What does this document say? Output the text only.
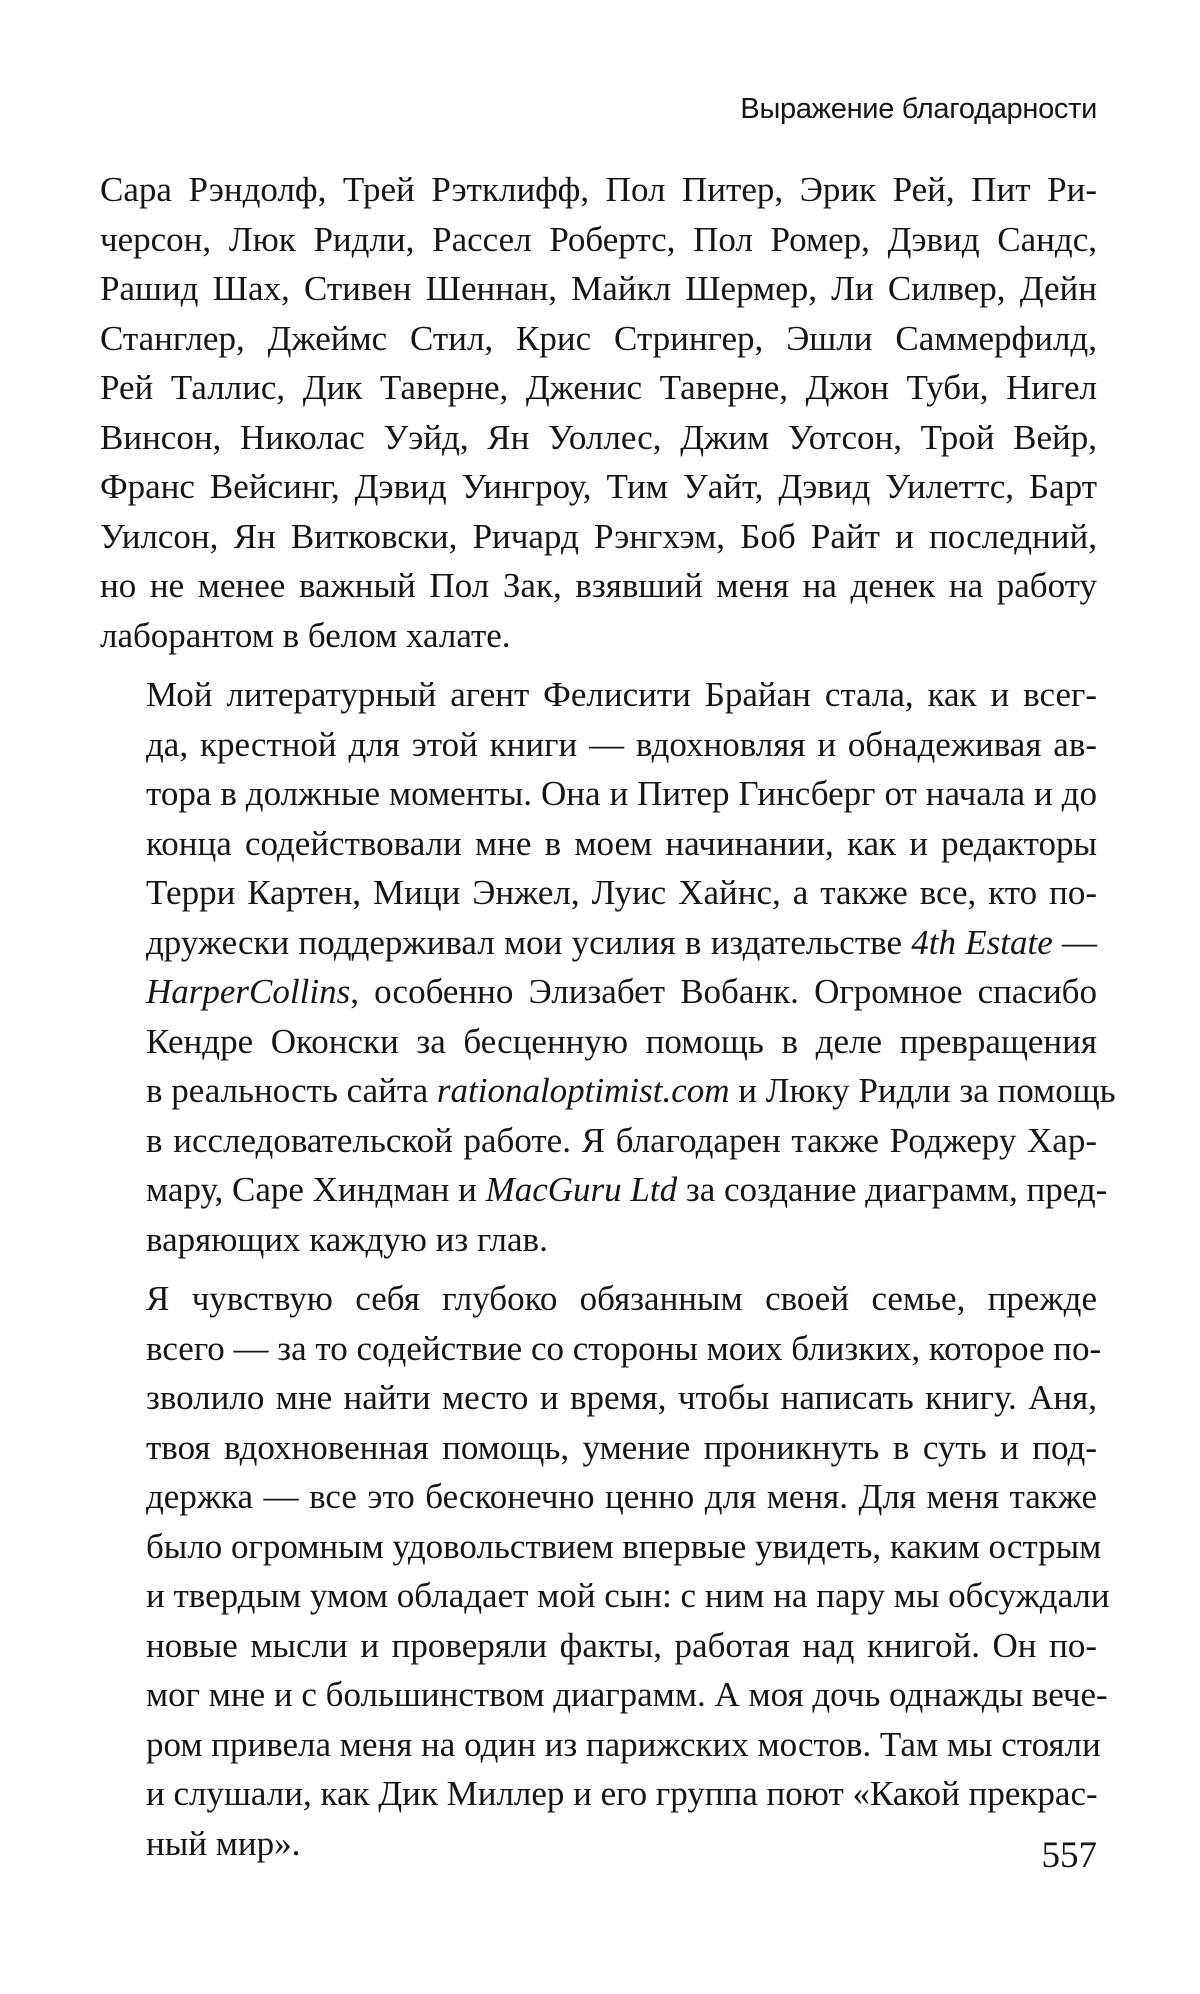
Выражение благодарности
Сара Рэндолф, Трей Рэтклифф, Пол Питер, Эрик Рей, Пит Ри-
черсон, Люк Ридли, Рассел Робертс, Пол Ромер, Дэвид Сандс,
Рашид Шах, Стивен Шеннан, Майкл Шермер, Ли Силвер, Дейн
Станглер, Джеймс Стил, Крис Стрингер, Эшли Саммерфилд,
Рей Таллис, Дик Таверне, Дженис Таверне, Джон Туби, Нигел
Винсон, Николас Уэйд, Ян Уоллес, Джим Уотсон, Трой Вейр,
Франс Вейсинг, Дэвид Уингроу, Тим Уайт, Дэвид Уилеттс, Барт
Уилсон, Ян Витковски, Ричард Рэнгхэм, Боб Райт и последний,
но не менее важный Пол Зак, взявший меня на денек на работу
лаборантом в белом халате.
Мой литературный агент Фелисити Брайан стала, как и всег-
да, крестной для этой книги — вдохновляя и обнадеживая ав-
тора в должные моменты. Она и Питер Гинсберг от начала и до
конца содействовали мне в моем начинании, как и редакторы
Терри Картен, Мици Энжел, Луис Хайнс, а также все, кто по-
дружески поддерживал мои усилия в издательстве 4th Estate —
HarperCollins, особенно Элизабет Вобанк. Огромное спасибо
Кендре Оконски за бесценную помощь в деле превращения
в реальность сайта rationaloptimist.com и Люку Ридли за помощь
в исследовательской работе. Я благодарен также Роджеру Хар-
мару, Саре Хиндман и MacGuru Ltd за создание диаграмм, пред-
варяющих каждую из глав.
Я чувствую себя глубоко обязанным своей семье, прежде
всего — за то содействие со стороны моих близких, которое по-
зволило мне найти место и время, чтобы написать книгу. Аня,
твоя вдохновенная помощь, умение проникнуть в суть и под-
держка — все это бесконечно ценно для меня. Для меня также
было огромным удовольствием впервые увидеть, каким острым
и твердым умом обладает мой сын: с ним на пару мы обсуждали
новые мысли и проверяли факты, работая над книгой. Он по-
мог мне и с большинством диаграмм. А моя дочь однажды вече-
ром привела меня на один из парижских мостов. Там мы стояли
и слушали, как Дик Миллер и его группа поют «Какой прекрас-
ный мир».	557
